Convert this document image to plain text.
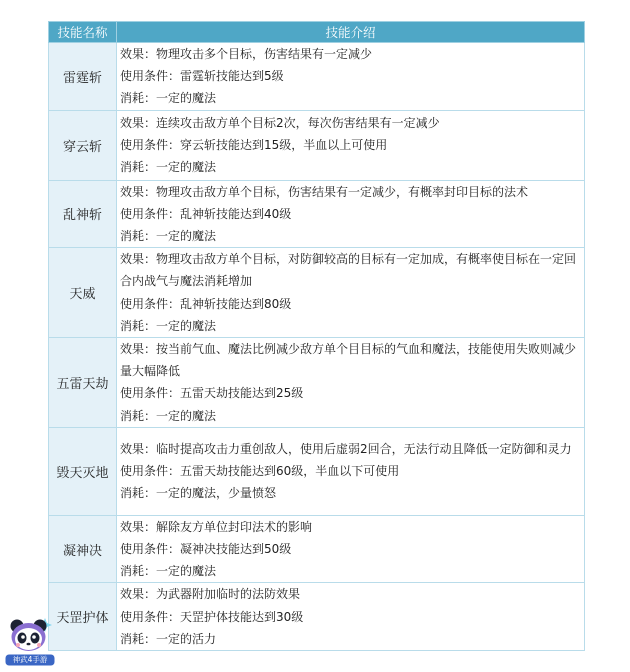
技能名称	技能介绍
雷霆斩	效果：物理攻击多个目标，伤害结果有一定减少
使用条件：雷霆斩技能达到5级
消耗：一定的魔法

穿云斩	效果：连续攻击敌方单个目标2次，每次伤害结果有一定减少
使用条件：穿云斩技能达到15级，半血以上可使用
消耗：一定的魔法

乱神斩	效果：物理攻击敌方单个目标，伤害结果有一定减少，有概率封印目标的法术
使用条件：乱神斩技能达到40级
消耗：一定的魔法

天威	效果：物理攻击敌方单个目标，对防御较高的目标有一定加成，有概率使目标在一定回合内战气与魔法消耗增加
使用条件：乱神斩技能达到80级
消耗：一定的魔法

五雷天劫	效果：按当前气血、魔法比例减少敌方单个目目标的气血和魔法，技能使用失败则减少量大幅降低
使用条件：五雷天劫技能达到25级
消耗：一定的魔法

毁天灭地	效果：临时提高攻击力重创敌人，使用后虚弱2回合，无法行动且降低一定防御和灵力
使用条件：五雷天劫技能达到60级，半血以下可使用
消耗：一定的魔法，少量愤怒

凝神决	效果：解除友方单位封印法术的影响
使用条件：凝神决技能达到50级
消耗：一定的魔法

天罡护体	效果：为武器附加临时的法防效果
使用条件：天罡护体技能达到30级
消耗：一定的活力
神武4手游
